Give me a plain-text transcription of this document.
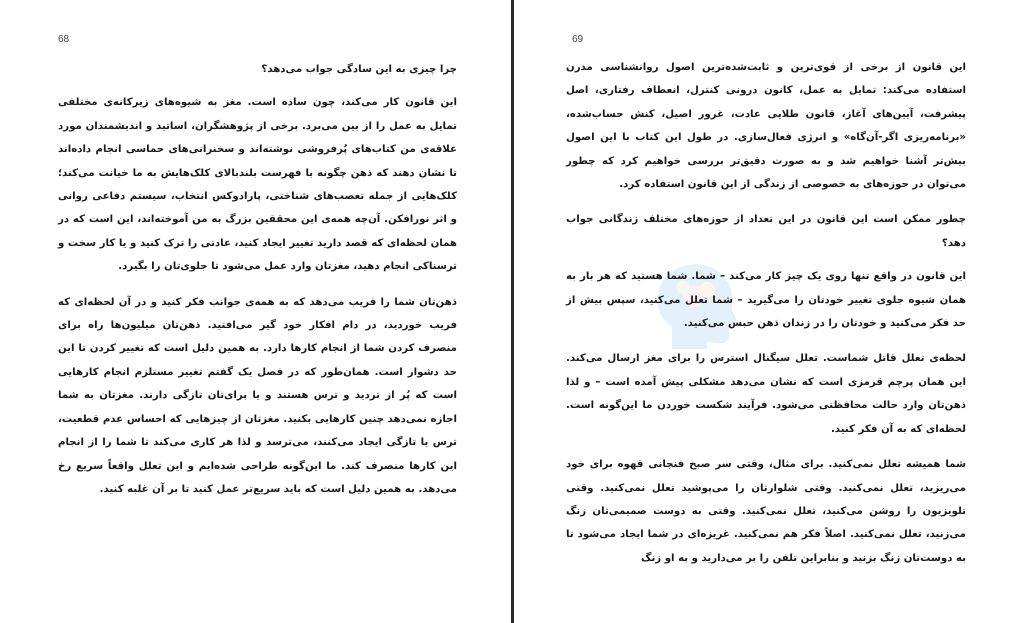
68

چرا چیزی به این سادگی جواب می‌دهد؟

این قانون کار می‌کند، چون ساده است. مغز به شیوه‌های زیرکانه‌ی مختلفی تمایل به عمل را از بین می‌برد. برخی از پژوهشگران، اساتید و اندیشمندان مورد علاقه‌ی من کتاب‌های پُرفروشی نوشته‌اند و سخنرانی‌های حماسی انجام داده‌اند تا نشان دهند که ذهن چگونه با فهرست بلندبالای کلک‌هایش به ما خیانت می‌کند؛ کلک‌هایی از جمله تعصب‌های شناختی، پارادوکس انتخاب، سیستم دفاعی روانی و اثر نورافکن. آن‌چه همه‌ی این محققین بزرگ به من آموخته‌اند، این است که در همان لحظه‌ای که قصد دارید تغییر ایجاد کنید، عادتی را ترک کنید و یا کار سخت و ترسناکی انجام دهید، مغزتان وارد عمل می‌شود تا جلوی‌تان را بگیرد.

ذهن‌تان شما را فریب می‌دهد که به همه‌ی جوانب فکر کنید و در آن لحظه‌ای که فریب خوردید، در دام افکار خود گیر می‌افتید. ذهن‌تان میلیون‌ها راه برای منصرف کردن شما از انجام کارها دارد. به همین دلیل است که تغییر کردن تا این حد دشوار است. همان‌طور که در فصل یک گفتم تغییر مستلزم انجام کارهایی است که پُر از تردید و ترس هستند و یا برای‌تان تازگی دارند. مغزتان به شما اجازه نمی‌دهد چنین کارهایی بکنید. مغزتان از چیزهایی که احساس عدم قطعیت، ترس یا تازگی ایجاد می‌کنند، می‌ترسد و لذا هر کاری می‌کند تا شما را از انجام این کارها منصرف کند. ما این‌گونه طراحی شده‌ایم و این تعلل واقعاً سریع رخ می‌دهد. به همین دلیل است که باید سریع‌تر عمل کنید تا بر آن غلبه کنید.

69

این قانون از برخی از قوی‌ترین و ثابت‌شده‌ترین اصول روانشناسی مدرن استفاده می‌کند: تمایل به عمل، کانون درونی کنترل، انعطاف رفتاری، اصل پیشرفت، آیین‌های آغاز، قانون طلایی عادت، غرور اصیل، کنش حساب‌شده، «برنامه‌ریزی اگر-آن‌گاه» و انرژی فعال‌سازی. در طول این کتاب با این اصول بیش‌تر آشنا خواهیم شد و به صورت دقیق‌تر بررسی خواهیم کرد که چطور می‌توان در حوزه‌های به خصوصی از زندگی از این قانون استفاده کرد.

چطور ممکن است این قانون در این تعداد از حوزه‌های مختلف زندگانی جواب دهد؟

این قانون در واقع تنها روی یک چیز کار می‌کند – شما. شما هستید که هر بار به همان شیوه جلوی تغییر خودتان را می‌گیرید – شما تعلل می‌کنید، سپس بیش از حد فکر می‌کنید و خودتان را در زندان ذهن حبس می‌کنید.

لحظه‌ی تعلل قاتل شماست. تعلل سیگنال استرس را برای مغز ارسال می‌کند. این همان پرچم قرمزی است که نشان می‌دهد مشکلی پیش آمده است – و لذا ذهن‌تان وارد حالت محافظتی می‌شود. فرآیند شکست خوردن ما این‌گونه است. لحظه‌ای که به آن فکر کنید.

شما همیشه تعلل نمی‌کنید. برای مثال، وقتی سر صبح فنجانی قهوه برای خود می‌ریزید، تعلل نمی‌کنید. وقتی شلوارتان را می‌پوشید تعلل نمی‌کنید. وقتی تلویزیون را روشن می‌کنید، تعلل نمی‌کنید. وقتی به دوست صمیمی‌تان زنگ می‌زنید، تعلل نمی‌کنید. اصلاً فکر هم نمی‌کنید. غریزه‌ای در شما ایجاد می‌شود تا به دوست‌تان زنگ بزنید و بنابراین تلفن را بر می‌دارید و به او زنگ
